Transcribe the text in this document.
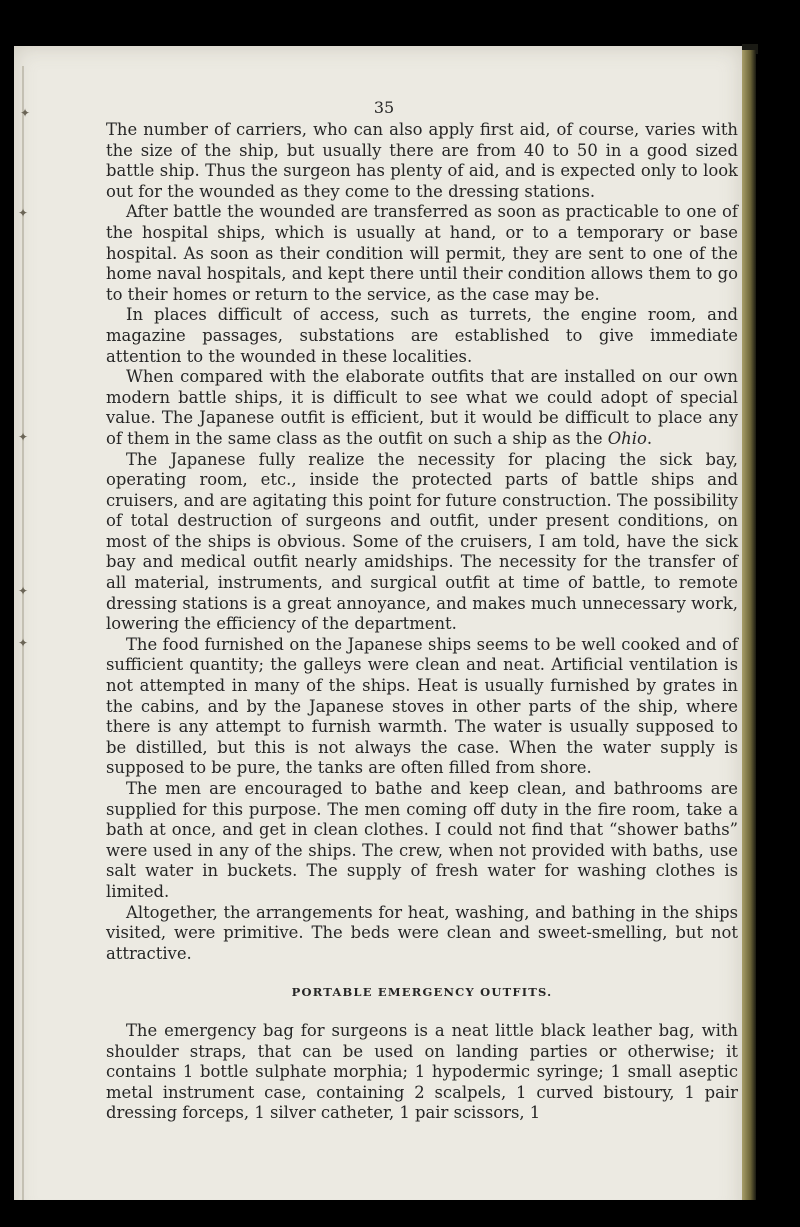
✦
✦
✦
✦
✦
35

The number of carriers, who can also apply first aid, of course, varies with the size of the ship, but usually there are from 40 to 50 in a good sized battle ship. Thus the surgeon has plenty of aid, and is expected only to look out for the wounded as they come to the dressing stations.

After battle the wounded are transferred as soon as practicable to one of the hospital ships, which is usually at hand, or to a temporary or base hospital. As soon as their condition will permit, they are sent to one of the home naval hospitals, and kept there until their condition allows them to go to their homes or return to the service, as the case may be.

In places difficult of access, such as turrets, the engine room, and magazine passages, substations are established to give immediate attention to the wounded in these localities.

When compared with the elaborate outfits that are installed on our own modern battle ships, it is difficult to see what we could adopt of special value. The Japanese outfit is efficient, but it would be difficult to place any of them in the same class as the outfit on such a ship as the Ohio.

The Japanese fully realize the necessity for placing the sick bay, operating room, etc., inside the protected parts of battle ships and cruisers, and are agitating this point for future construction. The possibility of total destruction of surgeons and outfit, under present conditions, on most of the ships is obvious. Some of the cruisers, I am told, have the sick bay and medical outfit nearly amidships. The necessity for the transfer of all material, instruments, and surgical outfit at time of battle, to remote dressing stations is a great annoyance, and makes much unnecessary work, lowering the efficiency of the department.

The food furnished on the Japanese ships seems to be well cooked and of sufficient quantity; the galleys were clean and neat. Artificial ventilation is not attempted in many of the ships. Heat is usually furnished by grates in the cabins, and by the Japanese stoves in other parts of the ship, where there is any attempt to furnish warmth. The water is usually supposed to be distilled, but this is not always the case. When the water supply is supposed to be pure, the tanks are often filled from shore.

The men are encouraged to bathe and keep clean, and bathrooms are supplied for this purpose. The men coming off duty in the fire room, take a bath at once, and get in clean clothes. I could not find that “shower baths” were used in any of the ships. The crew, when not provided with baths, use salt water in buckets. The supply of fresh water for washing clothes is limited.

Altogether, the arrangements for heat, washing, and bathing in the ships visited, were primitive. The beds were clean and sweet-smelling, but not attractive.

PORTABLE EMERGENCY OUTFITS.

The emergency bag for surgeons is a neat little black leather bag, with shoulder straps, that can be used on landing parties or otherwise; it contains 1 bottle sulphate morphia; 1 hypodermic syringe; 1 small aseptic metal instrument case, containing 2 scalpels, 1 curved bistoury, 1 pair dressing forceps, 1 silver catheter, 1 pair scissors, 1
